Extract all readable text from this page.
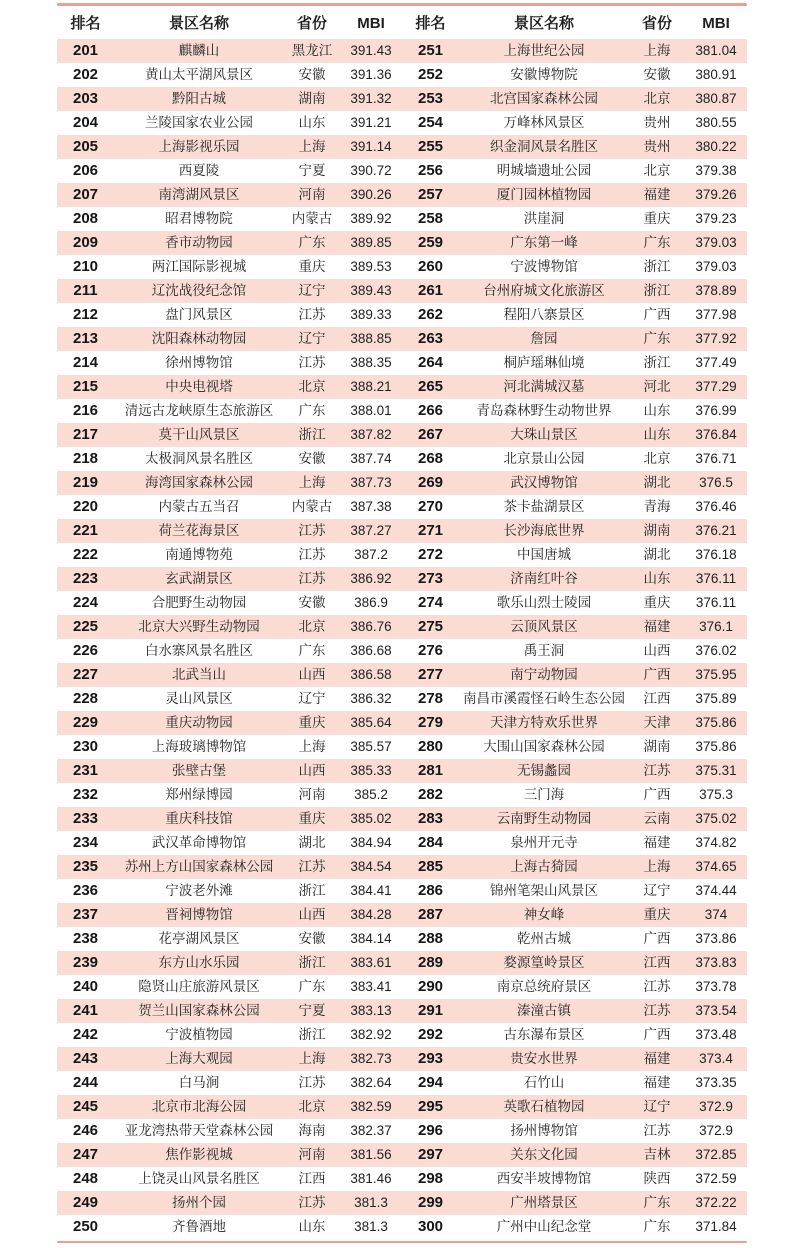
排名	景区名称	省份	MBI	排名	景区名称	省份	MBI
201	麒麟山	黑龙江	391.43	251	上海世纪公园	上海	381.04
202	黄山太平湖风景区	安徽	391.36	252	安徽博物院	安徽	380.91
203	黔阳古城	湖南	391.32	253	北宫国家森林公园	北京	380.87
204	兰陵国家农业公园	山东	391.21	254	万峰林风景区	贵州	380.55
205	上海影视乐园	上海	391.14	255	织金洞风景名胜区	贵州	380.22
206	西夏陵	宁夏	390.72	256	明城墙遗址公园	北京	379.38
207	南湾湖风景区	河南	390.26	257	厦门园林植物园	福建	379.26
208	昭君博物院	内蒙古	389.92	258	洪崖洞	重庆	379.23
209	香市动物园	广东	389.85	259	广东第一峰	广东	379.03
210	两江国际影视城	重庆	389.53	260	宁波博物馆	浙江	379.03
211	辽沈战役纪念馆	辽宁	389.43	261	台州府城文化旅游区	浙江	378.89
212	盘门风景区	江苏	389.33	262	程阳八寨景区	广西	377.98
213	沈阳森林动物园	辽宁	388.85	263	詹园	广东	377.92
214	徐州博物馆	江苏	388.35	264	桐庐瑶琳仙境	浙江	377.49
215	中央电视塔	北京	388.21	265	河北满城汉墓	河北	377.29
216	清远古龙峡原生态旅游区	广东	388.01	266	青岛森林野生动物世界	山东	376.99
217	莫干山风景区	浙江	387.82	267	大珠山景区	山东	376.84
218	太极洞风景名胜区	安徽	387.74	268	北京景山公园	北京	376.71
219	海湾国家森林公园	上海	387.73	269	武汉博物馆	湖北	376.5
220	内蒙古五当召	内蒙古	387.38	270	茶卡盐湖景区	青海	376.46
221	荷兰花海景区	江苏	387.27	271	长沙海底世界	湖南	376.21
222	南通博物苑	江苏	387.2	272	中国唐城	湖北	376.18
223	玄武湖景区	江苏	386.92	273	济南红叶谷	山东	376.11
224	合肥野生动物园	安徽	386.9	274	歌乐山烈士陵园	重庆	376.11
225	北京大兴野生动物园	北京	386.76	275	云顶风景区	福建	376.1
226	白水寨风景名胜区	广东	386.68	276	禹王洞	山西	376.02
227	北武当山	山西	386.58	277	南宁动物园	广西	375.95
228	灵山风景区	辽宁	386.32	278	南昌市溪霞怪石岭生态公园	江西	375.89
229	重庆动物园	重庆	385.64	279	天津方特欢乐世界	天津	375.86
230	上海玻璃博物馆	上海	385.57	280	大围山国家森林公园	湖南	375.86
231	张壁古堡	山西	385.33	281	无锡蠡园	江苏	375.31
232	郑州绿博园	河南	385.2	282	三门海	广西	375.3
233	重庆科技馆	重庆	385.02	283	云南野生动物园	云南	375.02
234	武汉革命博物馆	湖北	384.94	284	泉州开元寺	福建	374.82
235	苏州上方山国家森林公园	江苏	384.54	285	上海古猗园	上海	374.65
236	宁波老外滩	浙江	384.41	286	锦州笔架山风景区	辽宁	374.44
237	晋祠博物馆	山西	384.28	287	神女峰	重庆	374
238	花亭湖风景区	安徽	384.14	288	乾州古城	广西	373.86
239	东方山水乐园	浙江	383.61	289	婺源篁岭景区	江西	373.83
240	隐贤山庄旅游风景区	广东	383.41	290	南京总统府景区	江苏	373.78
241	贺兰山国家森林公园	宁夏	383.13	291	溱潼古镇	江苏	373.54
242	宁波植物园	浙江	382.92	292	古东瀑布景区	广西	373.48
243	上海大观园	上海	382.73	293	贵安水世界	福建	373.4
244	白马涧	江苏	382.64	294	石竹山	福建	373.35
245	北京市北海公园	北京	382.59	295	英歌石植物园	辽宁	372.9
246	亚龙湾热带天堂森林公园	海南	382.37	296	扬州博物馆	江苏	372.9
247	焦作影视城	河南	381.56	297	关东文化园	吉林	372.85
248	上饶灵山风景名胜区	江西	381.46	298	西安半坡博物馆	陕西	372.59
249	扬州个园	江苏	381.3	299	广州塔景区	广东	372.22
250	齐鲁酒地	山东	381.3	300	广州中山纪念堂	广东	371.84
